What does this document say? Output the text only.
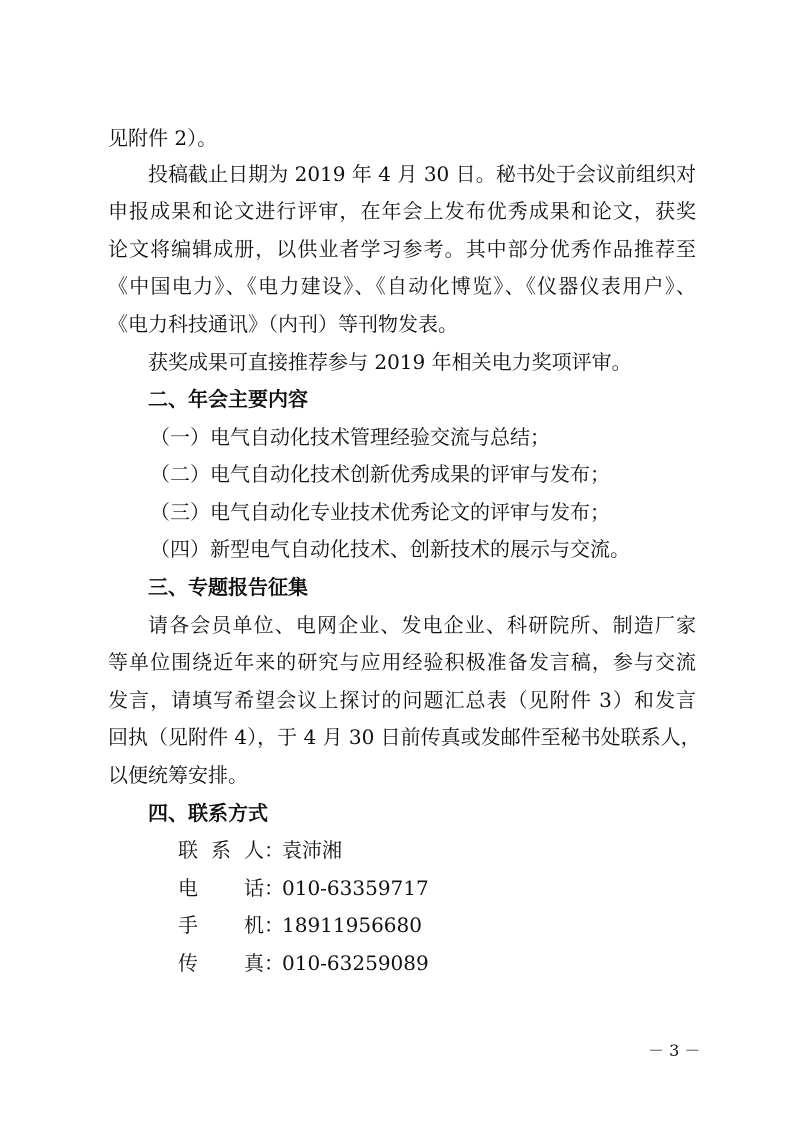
见附件 2）。
投稿截止日期为 2019 年 4 月 30 日。秘书处于会议前组织对
申报成果和论文进行评审，在年会上发布优秀成果和论文，获奖
论文将编辑成册，以供业者学习参考。其中部分优秀作品推荐至
《中国电力》、《电力建设》、《自动化博览》、《仪器仪表用户》、
《电力科技通讯》（内刊）等刊物发表。
获奖成果可直接推荐参与 2019 年相关电力奖项评审。
二、年会主要内容
（一）电气自动化技术管理经验交流与总结；
（二）电气自动化技术创新优秀成果的评审与发布；
（三）电气自动化专业技术优秀论文的评审与发布；
（四）新型电气自动化技术、创新技术的展示与交流。
三、专题报告征集
请各会员单位、电网企业、发电企业、科研院所、制造厂家
等单位围绕近年来的研究与应用经验积极准备发言稿，参与交流
发言，请填写希望会议上探讨的问题汇总表（见附件 3）和发言
回执（见附件 4），于 4 月 30 日前传真或发邮件至秘书处联系人，
以便统筹安排。
四、联系方式
联系人：袁沛湘
电话：010-63359717
手机：18911956680
传真：010-63259089
－ 3 －
